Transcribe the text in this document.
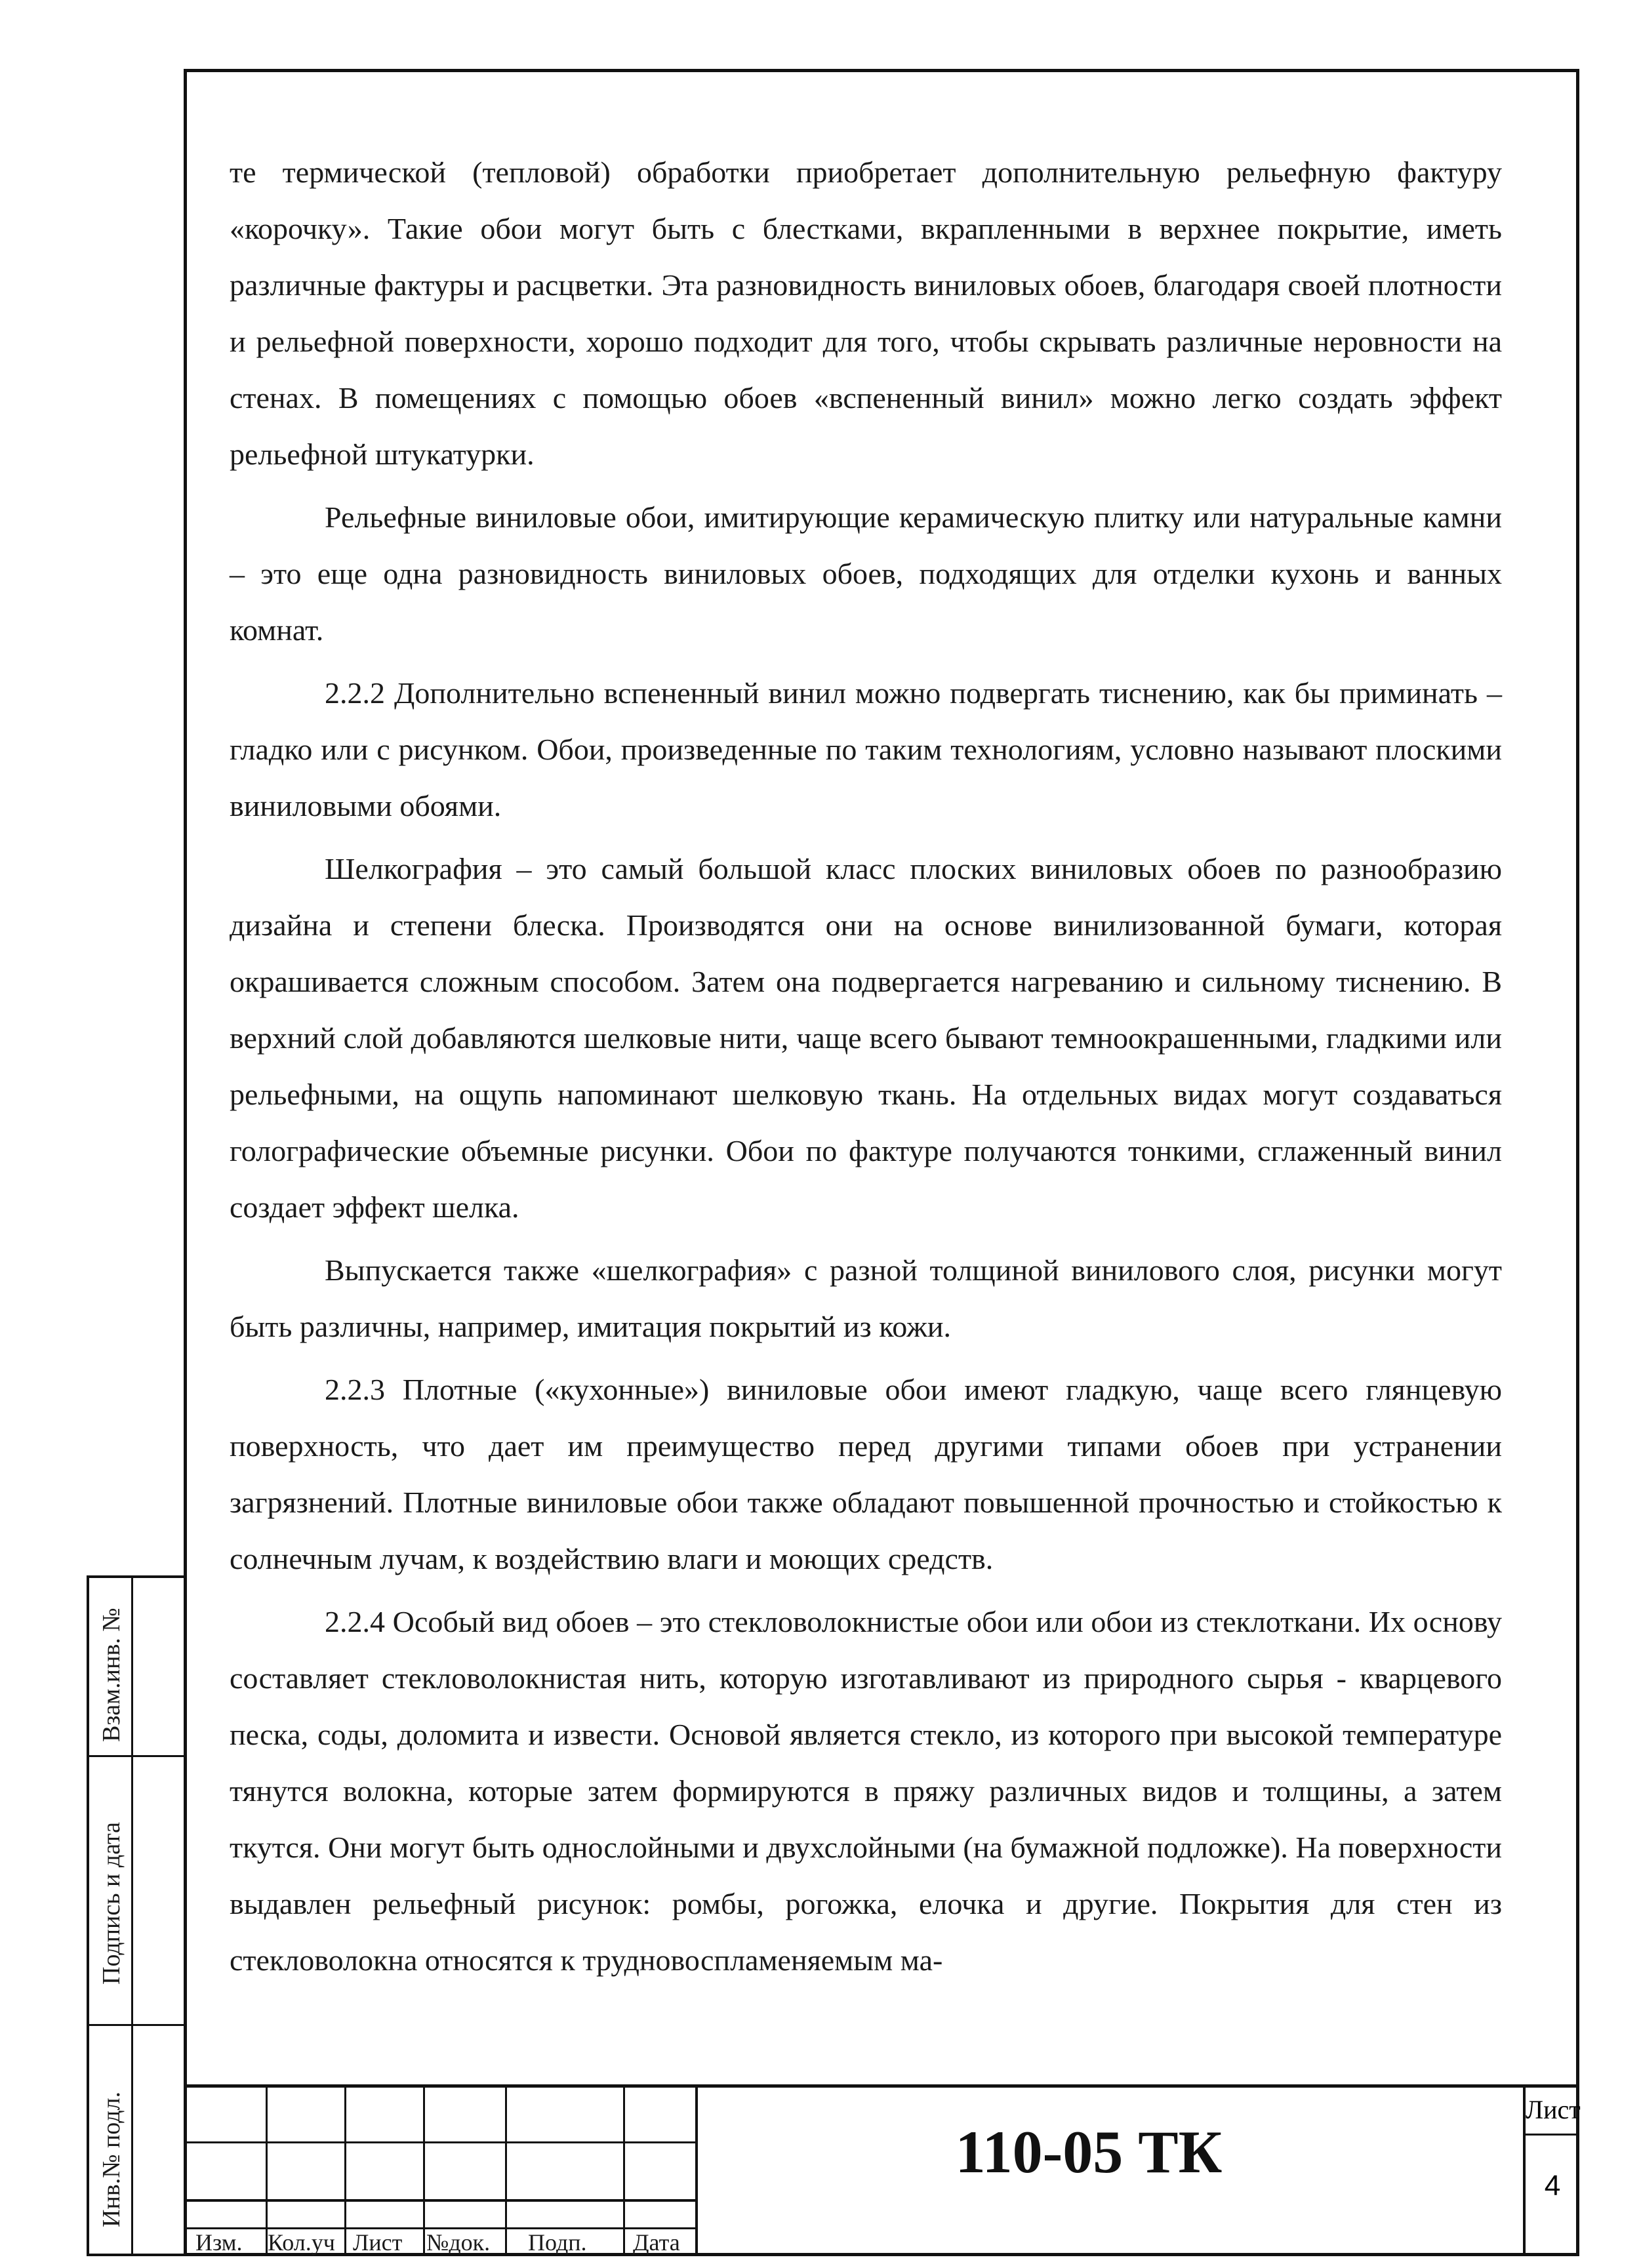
те термической (тепловой) обработки приобретает дополнительную рельефную фактуру «корочку». Такие обои могут быть с блестками, вкрапленными в верхнее покрытие, иметь различные фактуры и расцветки. Эта разновидность виниловых обоев, благодаря своей плотности и рельефной поверхности, хорошо подходит для того, чтобы скрывать различные неровности на стенах. В помещениях с помощью обоев «вспененный винил» можно легко создать эффект рельефной штукатурки.

Рельефные виниловые обои, имитирующие керамическую плитку или натуральные камни – это еще одна разновидность виниловых обоев, подходящих для отделки кухонь и ванных комнат.

2.2.2 Дополнительно вспененный винил можно подвергать тиснению, как бы приминать – гладко или с рисунком. Обои, произведенные по таким технологиям, условно называют плоскими виниловыми обоями.

Шелкография – это самый большой класс плоских виниловых обоев по разнообразию дизайна и степени блеска. Производятся они на основе винилизованной бумаги, которая окрашивается сложным способом. Затем она подвергается нагреванию и сильному тиснению. В верхний слой добавляются шелковые нити, чаще всего бывают темноокрашенными, гладкими или рельефными, на ощупь напоминают шелковую ткань. На отдельных видах могут создаваться голографические объемные рисунки. Обои по фактуре получаются тонкими, сглаженный винил создает эффект шелка.

Выпускается также «шелкография» с разной толщиной винилового слоя, рисунки могут быть различны, например, имитация покрытий из кожи.

2.2.3 Плотные («кухонные») виниловые обои имеют гладкую, чаще всего глянцевую поверхность, что дает им преимущество перед другими типами обоев при устранении загрязнений. Плотные виниловые обои также обладают повышенной прочностью и стойкостью к солнечным лучам, к воздействию влаги и моющих средств.

2.2.4 Особый вид обоев – это стекловолокнистые обои или обои из стеклоткани. Их основу составляет стекловолокнистая нить, которую изготавливают из природного сырья - кварцевого песка, соды, доломита и извести. Основой является стекло, из которого при высокой температуре тянутся волокна, которые затем формируются в пряжу различных видов и толщины, а затем ткутся. Они могут быть однослойными и двухслойными (на бумажной подложке). На поверхности выдавлен рельефный рисунок: ромбы, рогожка, елочка и другие. Покрытия для стен из стекловолокна относятся к трудновоспламеняемым ма-

Взам.инв. №
Подпись и дата
Инв.№ подл.
Изм. Кол.уч Лист №док. Подп. Дата
110-05 ТК
Лист
4
